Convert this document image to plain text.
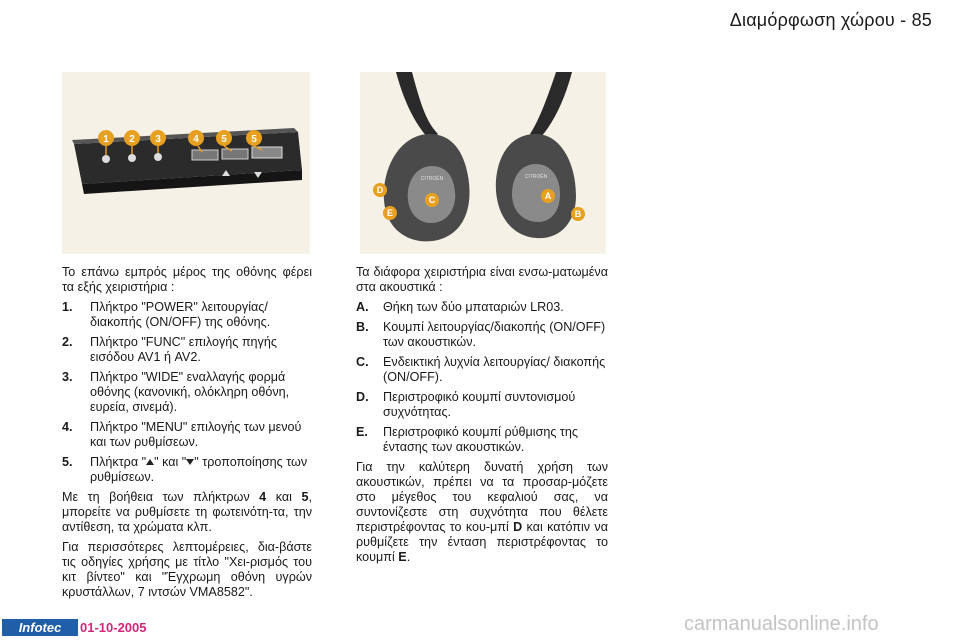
Διαμόρφωση χώρου - 85
1 2 3	4 5 5
CITROËN	CITROËN
D
E
C	A
B

Το επάνω εμπρός μέρος της οθόνης φέρει τα εξής χειριστήρια :

1.	Πλήκτρο "POWER" λειτουργίας/ διακοπής (ON/OFF) της οθόνης.
2.	Πλήκτρο "FUNC" επιλογής πηγής εισόδου AV1 ή AV2.
3.	Πλήκτρο "WIDE" εναλλαγής φορμά οθόνης (κανονική, ολόκληρη οθόνη, ευρεία, σινεμά).
4.	Πλήκτρο "MENU" επιλογής των μενού και των ρυθμίσεων.
5.	Πλήκτρα " " και " " τροποποίησης των ρυθμίσεων.

Με τη βοήθεια των πλήκτρων 4 και 5, μπορείτε να ρυθμίσετε τη φωτεινότη-τα, την αντίθεση, τα χρώματα κλπ.

Για περισσότερες λεπτομέρειες, δια-βάστε τις οδηγίες χρήσης με τίτλο "Χει-ρισμός του κιτ βίντεο" και "Έγχρωμη οθόνη υγρών κρυστάλλων, 7 ιντσών VMA8582".

Τα διάφορα χειριστήρια είναι ενσω-ματωμένα στα ακουστικά :

A.	Θήκη των δύο μπαταριών LR03.
B.	Κουμπί λειτουργίας/διακοπής (ON/OFF) των ακουστικών.
C.	Ενδεικτική λυχνία λειτουργίας/ διακοπής (ON/OFF).
D.	Περιστροφικό κουμπί συντονισμού συχνότητας.
E.	Περιστροφικό κουμπί ρύθμισης της έντασης των ακουστικών.

Για την καλύτερη δυνατή χρήση των ακουστικών, πρέπει να τα προσαρ-μόζετε στο μέγεθος του κεφαλιού σας, να συντονίζεστε στη συχνότητα που θέλετε περιστρέφοντας το κου-μπί D και κατόπιν να ρυθμίζετε την ένταση περιστρέφοντας το κουμπί E.

Infotec	01-10-2005	carmanualsonline.info
